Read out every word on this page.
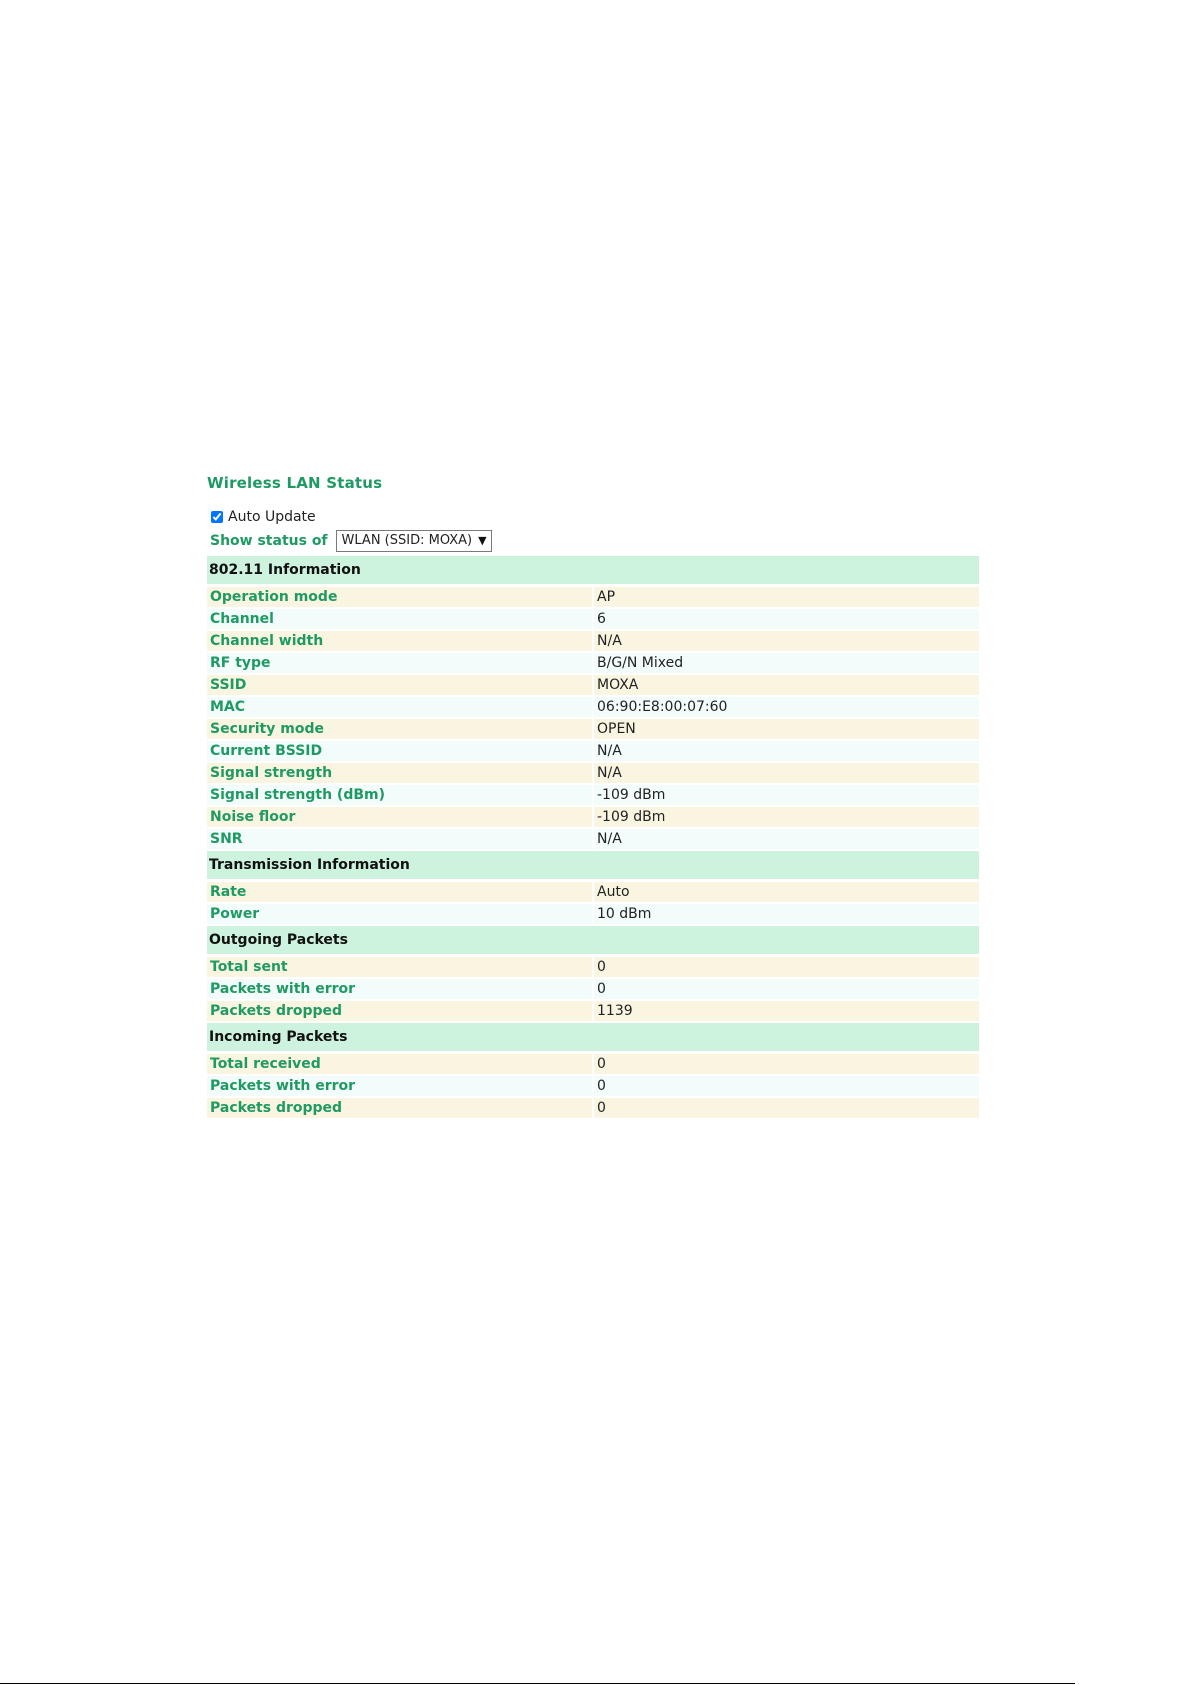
Wireless LAN Status
Auto Update
Show status of WLAN (SSID: MOXA) ▼
802.11 Information	
Operation mode	AP
Channel	6
Channel width	N/A
RF type	B/G/N Mixed
SSID	MOXA
MAC	06:90:E8:00:07:60
Security mode	OPEN
Current BSSID	N/A
Signal strength	N/A
Signal strength (dBm)	-109 dBm
Noise floor	-109 dBm
SNR	N/A
Transmission Information	
Rate	Auto
Power	10 dBm
Outgoing Packets	
Total sent	0
Packets with error	0
Packets dropped	1139
Incoming Packets	
Total received	0
Packets with error	0
Packets dropped	0
